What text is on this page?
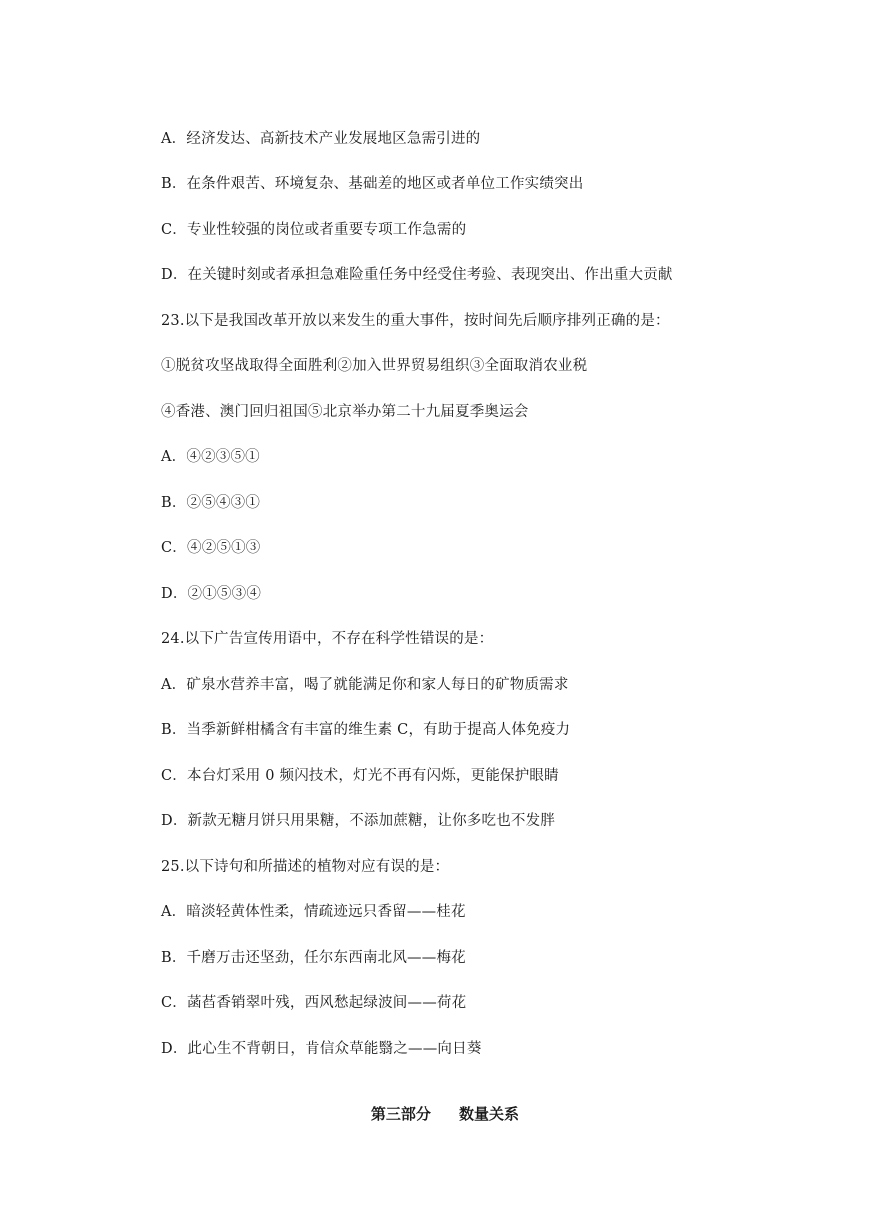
A．经济发达、高新技术产业发展地区急需引进的
B．在条件艰苦、环境复杂、基础差的地区或者单位工作实绩突出
C．专业性较强的岗位或者重要专项工作急需的
D．在关键时刻或者承担急难险重任务中经受住考验、表现突出、作出重大贡献
23.以下是我国改革开放以来发生的重大事件，按时间先后顺序排列正确的是：
①脱贫攻坚战取得全面胜利②加入世界贸易组织③全面取消农业税
④香港、澳门回归祖国⑤北京举办第二十九届夏季奥运会
A．④②③⑤①
B．②⑤④③①
C．④②⑤①③
D．②①⑤③④
24.以下广告宣传用语中，不存在科学性错误的是：
A．矿泉水营养丰富，喝了就能满足你和家人每日的矿物质需求
B．当季新鲜柑橘含有丰富的维生素 C，有助于提高人体免疫力
C．本台灯采用 0 频闪技术，灯光不再有闪烁，更能保护眼睛
D．新款无糖月饼只用果糖，不添加蔗糖，让你多吃也不发胖
25.以下诗句和所描述的植物对应有误的是：
A．暗淡轻黄体性柔，情疏迹远只香留——桂花
B．千磨万击还坚劲，任尔东西南北风——梅花
C．菡萏香销翠叶残，西风愁起绿波间——荷花
D．此心生不背朝日，肯信众草能翳之——向日葵

第三部分 数量关系
